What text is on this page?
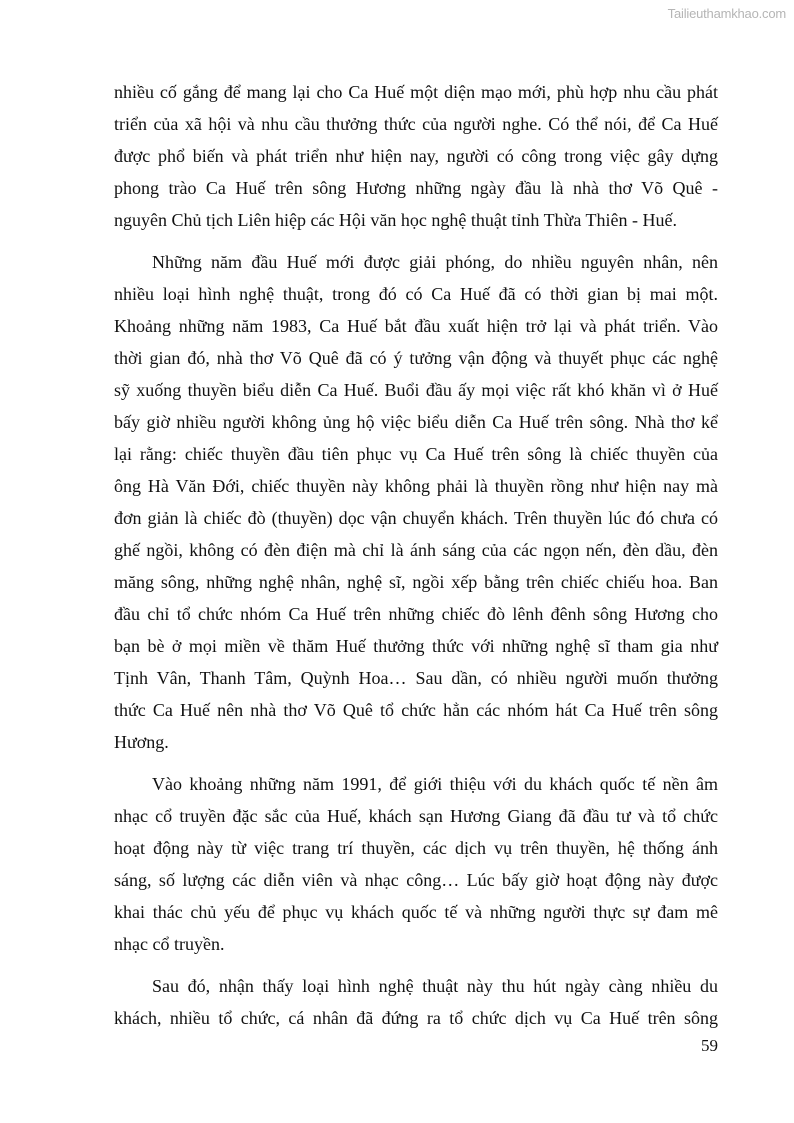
Tailieuthamkhao.com
nhiều cố gắng để mang lại cho Ca Huế một diện mạo mới, phù hợp nhu cầu phát
triển của xã hội và nhu cầu thưởng thức của người nghe. Có thể nói, để Ca Huế
được phổ biến và phát triển như hiện nay, người có công trong việc gây dựng
phong trào Ca Huế trên sông Hương những ngày đầu là nhà thơ Võ Quê -
nguyên Chủ tịch Liên hiệp các Hội văn học nghệ thuật tỉnh Thừa Thiên - Huế.
Những năm đầu Huế mới được giải phóng, do nhiều nguyên nhân, nên
nhiều loại hình nghệ thuật, trong đó có Ca Huế đã có thời gian bị mai một.
Khoảng những năm 1983, Ca Huế bắt đầu xuất hiện trở lại và phát triển. Vào
thời gian đó, nhà thơ Võ Quê đã có ý tưởng vận động và thuyết phục các nghệ
sỹ xuống thuyền biểu diễn Ca Huế. Buổi đầu ấy mọi việc rất khó khăn vì ở Huế
bấy giờ nhiều người không ủng hộ việc biểu diễn Ca Huế trên sông. Nhà thơ kể
lại rằng: chiếc thuyền đầu tiên phục vụ Ca Huế trên sông là chiếc thuyền của
ông Hà Văn Đới, chiếc thuyền này không phải là thuyền rồng như hiện nay mà
đơn giản là chiếc đò (thuyền) dọc vận chuyển khách. Trên thuyền lúc đó chưa có
ghế ngồi, không có đèn điện mà chỉ là ánh sáng của các ngọn nến, đèn dầu, đèn
măng sông, những nghệ nhân, nghệ sĩ, ngồi xếp bằng trên chiếc chiếu hoa. Ban
đầu chỉ tổ chức nhóm Ca Huế trên những chiếc đò lênh đênh sông Hương cho
bạn bè ở mọi miền về thăm Huế thưởng thức với những nghệ sĩ tham gia như
Tịnh Vân, Thanh Tâm, Quỳnh Hoa… Sau dần, có nhiều người muốn thưởng
thức Ca Huế nên nhà thơ Võ Quê tổ chức hẳn các nhóm hát Ca Huế trên sông
Hương.
Vào khoảng những năm 1991, để giới thiệu với du khách quốc tế nền âm
nhạc cổ truyền đặc sắc của Huế, khách sạn Hương Giang đã đầu tư và tổ chức
hoạt động này từ việc trang trí thuyền, các dịch vụ trên thuyền, hệ thống ánh
sáng, số lượng các diễn viên và nhạc công… Lúc bấy giờ hoạt động này được
khai thác chủ yếu để phục vụ khách quốc tế và những người thực sự đam mê
nhạc cổ truyền.
Sau đó, nhận thấy loại hình nghệ thuật này thu hút ngày càng nhiều du
khách, nhiều tổ chức, cá nhân đã đứng ra tổ chức dịch vụ Ca Huế trên sông
59
